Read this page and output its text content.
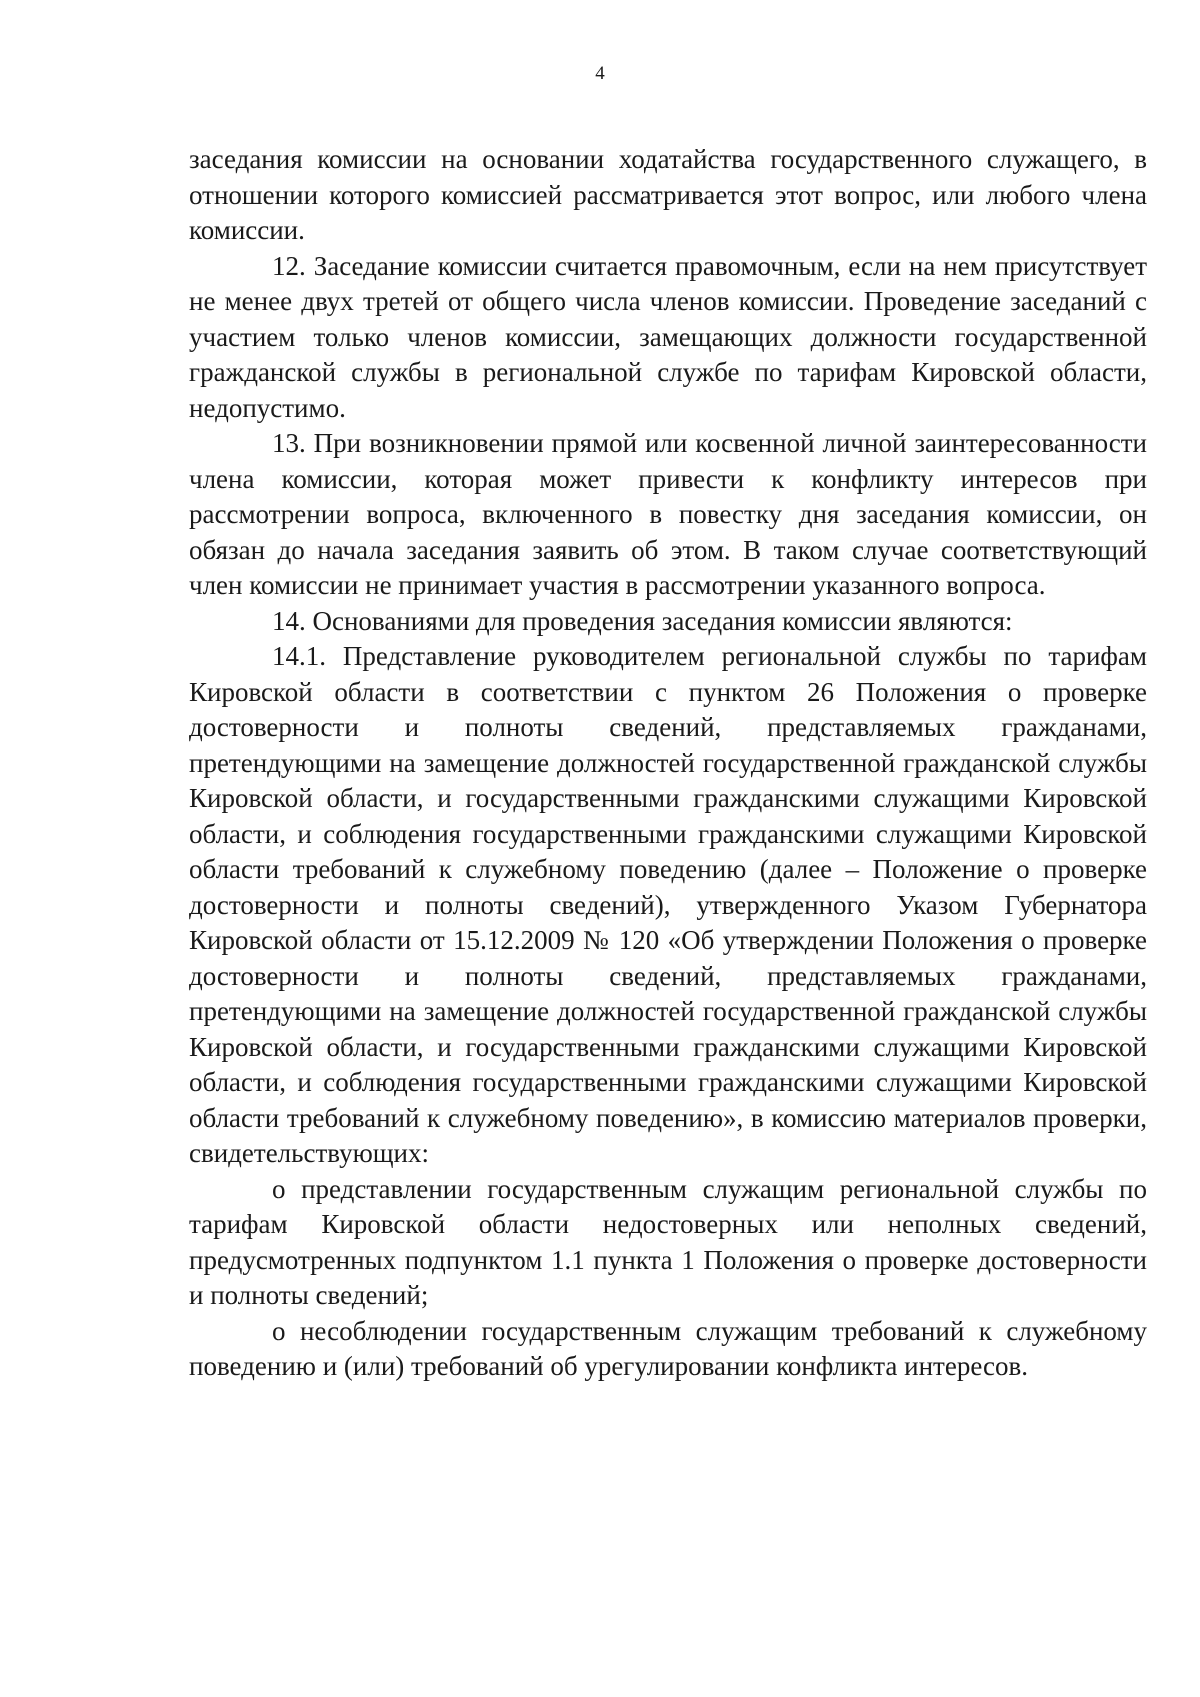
4

заседания комиссии на основании ходатайства государственного служащего, в отношении которого комиссией рассматривается этот вопрос, или любого члена комиссии.

12. Заседание комиссии считается правомочным, если на нем присутствует не менее двух третей от общего числа членов комиссии. Проведение заседаний с участием только членов комиссии, замещающих должности государственной гражданской службы в региональной службе по тарифам Кировской области, недопустимо.

13. При возникновении прямой или косвенной личной заинтересованности члена комиссии, которая может привести к конфликту интересов при рассмотрении вопроса, включенного в повестку дня заседания комиссии, он обязан до начала заседания заявить об этом. В таком случае соответствующий член комиссии не принимает участия в рассмотрении указанного вопроса.

14. Основаниями для проведения заседания комиссии являются:

14.1. Представление руководителем региональной службы по тарифам Кировской области в соответствии с пунктом 26 Положения о проверке достоверности и полноты сведений, представляемых гражданами, претендующими на замещение должностей государственной гражданской службы Кировской области, и государственными гражданскими служащими Кировской области, и соблюдения государственными гражданскими служащими Кировской области требований к служебному поведению (далее – Положение о проверке достоверности и полноты сведений), утвержденного Указом Губернатора Кировской области от 15.12.2009 № 120 «Об утверждении Положения о проверке достоверности и полноты сведений, представляемых гражданами, претендующими на замещение должностей государственной гражданской службы Кировской области, и государственными гражданскими служащими Кировской области, и соблюдения государственными гражданскими служащими Кировской области требований к служебному поведению», в комиссию материалов проверки, свидетельствующих:

о представлении государственным служащим региональной службы по тарифам Кировской области недостоверных или неполных сведений, предусмотренных подпунктом 1.1 пункта 1 Положения о проверке достоверности и полноты сведений;

о несоблюдении государственным служащим требований к служебному поведению и (или) требований об урегулировании конфликта интересов.
